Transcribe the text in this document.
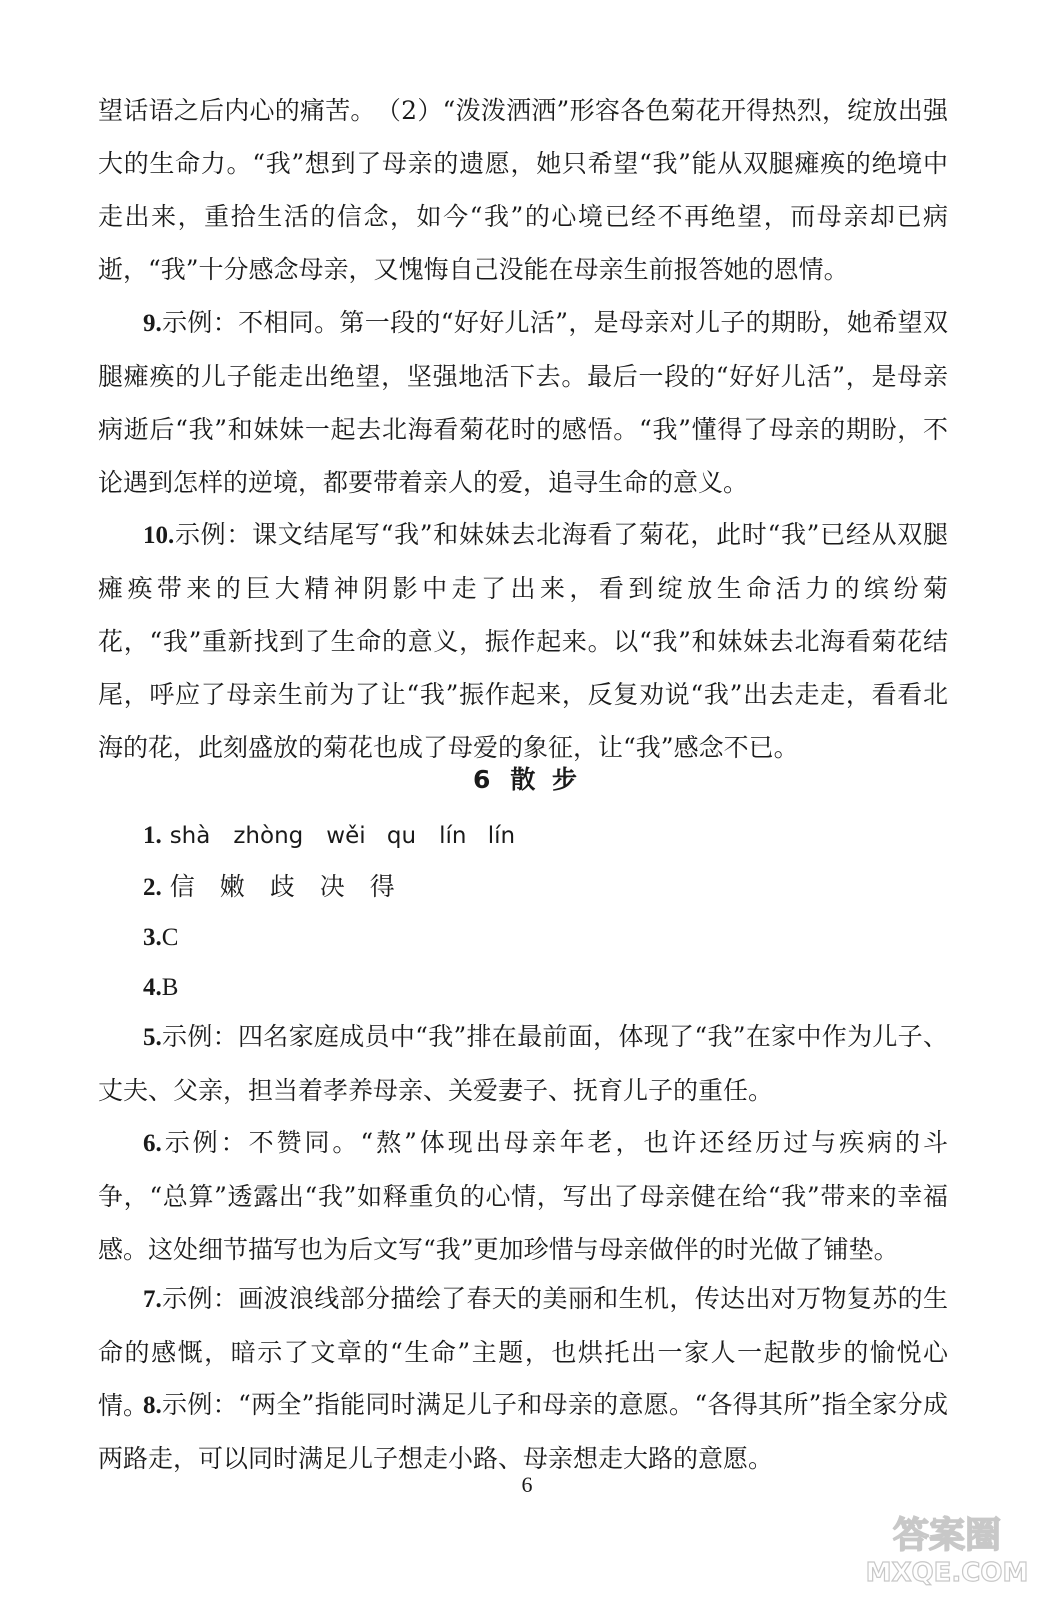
望话语之后内心的痛苦。　（2）“泼泼洒洒”形容各色菊花开得热烈，绽放出强大的生命力。“我”想到了母亲的遗愿，她只希望“我”能从双腿瘫痪的绝境中走出来，重拾生活的信念，如今“我”的心境已经不再绝望，而母亲却已病逝，“我”十分感念母亲，又愧悔自己没能在母亲生前报答她的恩情。

9.示例：不相同。第一段的“好好儿活”，是母亲对儿子的期盼，她希望双腿瘫痪的儿子能走出绝望，坚强地活下去。最后一段的“好好儿活”，是母亲病逝后“我”和妹妹一起去北海看菊花时的感悟。“我”懂得了母亲的期盼，不论遇到怎样的逆境，都要带着亲人的爱，追寻生命的意义。

10.示例：课文结尾写“我”和妹妹去北海看了菊花，此时“我”已经从双腿瘫痪带来的巨大精神阴影中走了出来，看到绽放生命活力的缤纷菊花，“我”重新找到了生命的意义，振作起来。以“我”和妹妹去北海看菊花结尾，呼应了母亲生前为了让“我”振作起来，反复劝说“我”出去走走，看看北海的花，此刻盛放的菊花也成了母爱的象征，让“我”感念不已。

6 散 步

1. shà　zhòng　wěi qu　lín lín

2. 信　嫩　歧　决　得

3.C

4.B

5.示例：四名家庭成员中“我”排在最前面，体现了“我”在家中作为儿子、丈夫、父亲，担当着孝养母亲、关爱妻子、抚育儿子的重任。

6.示例：不赞同。“熬”体现出母亲年老，也许还经历过与疾病的斗争，“总算”透露出“我”如释重负的心情，写出了母亲健在给“我”带来的幸福感。这处细节描写也为后文写“我”更加珍惜与母亲做伴的时光做了铺垫。

7.示例：画波浪线部分描绘了春天的美丽和生机，传达出对万物复苏的生命的感慨，暗示了文章的“生命”主题，也烘托出一家人一起散步的愉悦心情。

8.示例：“两全”指能同时满足儿子和母亲的意愿。“各得其所”指全家分成两路走，可以同时满足儿子想走小路、母亲想走大路的意愿。

6
答案圈
MXQE.COM
